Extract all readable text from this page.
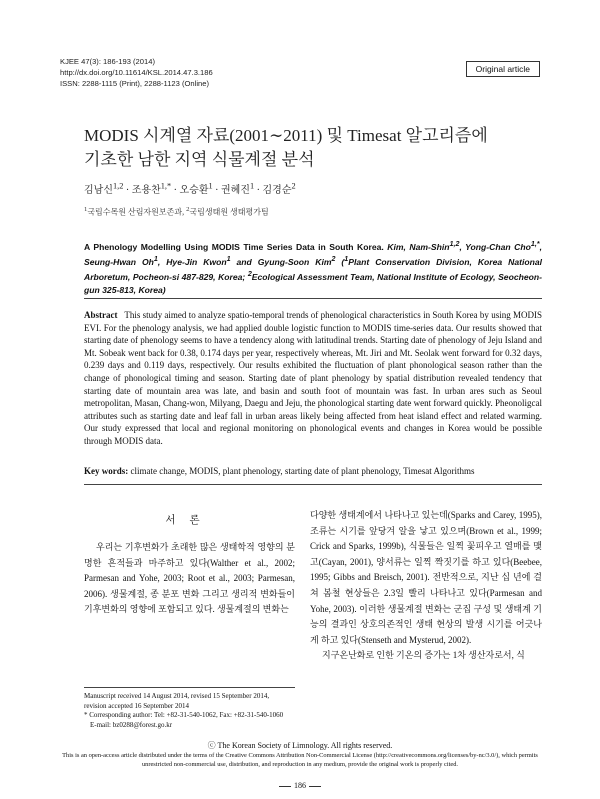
KJEE 47(3): 186-193 (2014)
http://dx.doi.org/10.11614/KSL.2014.47.3.186
ISSN: 2288-1115 (Print), 2288-1123 (Online)
Original article
MODIS 시계열 자료(2001∼2011) 및 Timesat 알고리즘에
기초한 남한 지역 식물계절 분석
김남신$^{1,2}$ · 조용찬$^{1,*}$ · 오승환$^1$ · 권혜진$^1$ · 김경순$^2$
$^1$국립수목원 산림자원보존과, $^2$국립생태원 생태평가팀
A Phenology Modelling Using MODIS Time Series Data in South Korea. Kim, Nam-Shin$^{1,2}$, Yong-Chan Cho$^{1,*}$, Seung-Hwan Oh$^1$, Hye-Jin Kwon$^1$ and Gyung-Soon Kim$^2$ ($^1$Plant Conservation Division, Korea National Arboretum, Pocheon-si 487-829, Korea; $^2$Ecological Assessment Team, National Institute of Ecology, Seocheon-gun 325-813, Korea)
Abstract This study aimed to analyze spatio-temporal trends of phenological characteristics in South Korea by using MODIS EVI. For the phenology analysis, we had applied double logistic function to MODIS time-series data. Our results showed that starting date of phenology seems to have a tendency along with latitudinal trends. Starting date of phenology of Jeju Island and Mt. Sobeak went back for 0.38, 0.174 days per year, respectively whereas, Mt. Jiri and Mt. Seolak went forward for 0.32 days, 0.239 days and 0.119 days, respectively. Our results exhibited the fluctuation of plant phonological season rather than the change of phonological timing and season. Starting date of plant phenology by spatial distribution revealed tendency that starting date of mountain area was late, and basin and south foot of mountain was fast. In urban ares such as Seoul metropolitan, Masan, Chang-won, Milyang, Daegu and Jeju, the phonological starting date went forward quickly. Pheonoligcal attributes such as starting date and leaf fall in urban areas likely being affected from heat island effect and related warming. Our study expressed that local and regional monitoring on phonological events and changes in Korea would be possible through MODIS data.
Key words: climate change, MODIS, plant phenology, starting date of plant phenology, Timesat Algorithms
서론
우리는 기후변화가 초래한 많은 생태학적 영향의 분명한 흔적들과 마주하고 있다(Walther et al., 2002; Parmesan and Yohe, 2003; Root et al., 2003; Parmesan, 2006). 생물계절, 종 분포 변화 그리고 생리적 변화들이 기후변화의 영향에 포함되고 있다. 생물계절의 변화는
다양한 생태계에서 나타나고 있는데(Sparks and Carey, 1995), 조류는 시기를 앞당겨 알을 낳고 있으며(Brown et al., 1999; Crick and Sparks, 1999b), 식물들은 일찍 꽃피우고 열매를 맺고(Cayan, 2001), 양서류는 일찍 짝짓기를 하고 있다(Beebee, 1995; Gibbs and Breisch, 2001). 전반적으로, 지난 십 년에 걸쳐 봄철 현상들은 2.3일 빨리 나타나고 있다(Parmesan and Yohe, 2003). 이러한 생물계절 변화는 군집 구성 및 생태계 기능의 결과인 상호의존적인 생태 현상의 발생 시기를 어긋나게 하고 있다(Stenseth and Mysterud, 2002).
지구온난화로 인한 기온의 증가는 1차 생산자로서, 식
Manuscript received 14 August 2014, revised 15 September 2014,
revision accepted 16 September 2014
* Corresponding author: Tel: +82-31-540-1062, Fax: +82-31-540-1060
E-mail: bz0288@forest.go.kr
ⓒ The Korean Society of Limnology. All rights reserved.
This is an open-access article distributed under the terms of the Creative Commons Attribution Non-Commercial License (http://creativecommons.org/licenses/by-nc/3.0/), which permits unrestricted non-commercial use, distribution, and reproduction in any medium, provide the original work is properly cited.
186
